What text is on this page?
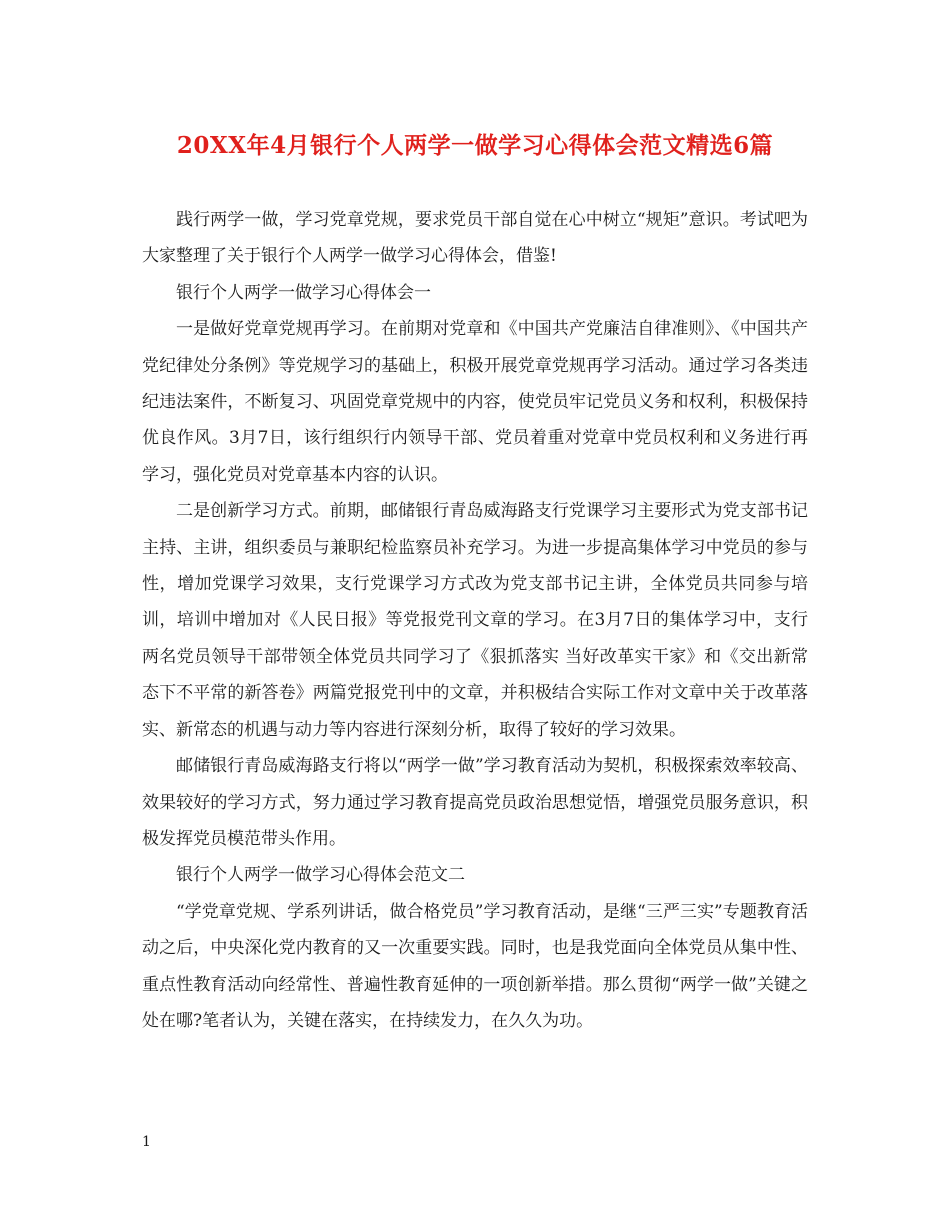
20XX年4月银行个人两学一做学习心得体会范文精选6篇

践行两学一做，学习党章党规，要求党员干部自觉在心中树立“规矩”意识。考试吧为大家整理了关于银行个人两学一做学习心得体会，借鉴!

银行个人两学一做学习心得体会一

一是做好党章党规再学习。在前期对党章和《中国共产党廉洁自律准则》、《中国共产党纪律处分条例》等党规学习的基础上，积极开展党章党规再学习活动。通过学习各类违纪违法案件，不断复习、巩固党章党规中的内容，使党员牢记党员义务和权利，积极保持优良作风。3月7日，该行组织行内领导干部、党员着重对党章中党员权利和义务进行再学习，强化党员对党章基本内容的认识。

二是创新学习方式。前期，邮储银行青岛威海路支行党课学习主要形式为党支部书记主持、主讲，组织委员与兼职纪检监察员补充学习。为进一步提高集体学习中党员的参与性，增加党课学习效果，支行党课学习方式改为党支部书记主讲，全体党员共同参与培训，培训中增加对《人民日报》等党报党刊文章的学习。在3月7日的集体学习中，支行两名党员领导干部带领全体党员共同学习了《狠抓落实 当好改革实干家》和《交出新常态下不平常的新答卷》两篇党报党刊中的文章，并积极结合实际工作对文章中关于改革落实、新常态的机遇与动力等内容进行深刻分析，取得了较好的学习效果。

邮储银行青岛威海路支行将以“两学一做”学习教育活动为契机，积极探索效率较高、效果较好的学习方式，努力通过学习教育提高党员政治思想觉悟，增强党员服务意识，积极发挥党员模范带头作用。

银行个人两学一做学习心得体会范文二

“学党章党规、学系列讲话，做合格党员”学习教育活动，是继“三严三实”专题教育活动之后，中央深化党内教育的又一次重要实践。同时，也是我党面向全体党员从集中性、重点性教育活动向经常性、普遍性教育延伸的一项创新举措。那么贯彻“两学一做”关键之处在哪?笔者认为，关键在落实，在持续发力，在久久为功。

1
